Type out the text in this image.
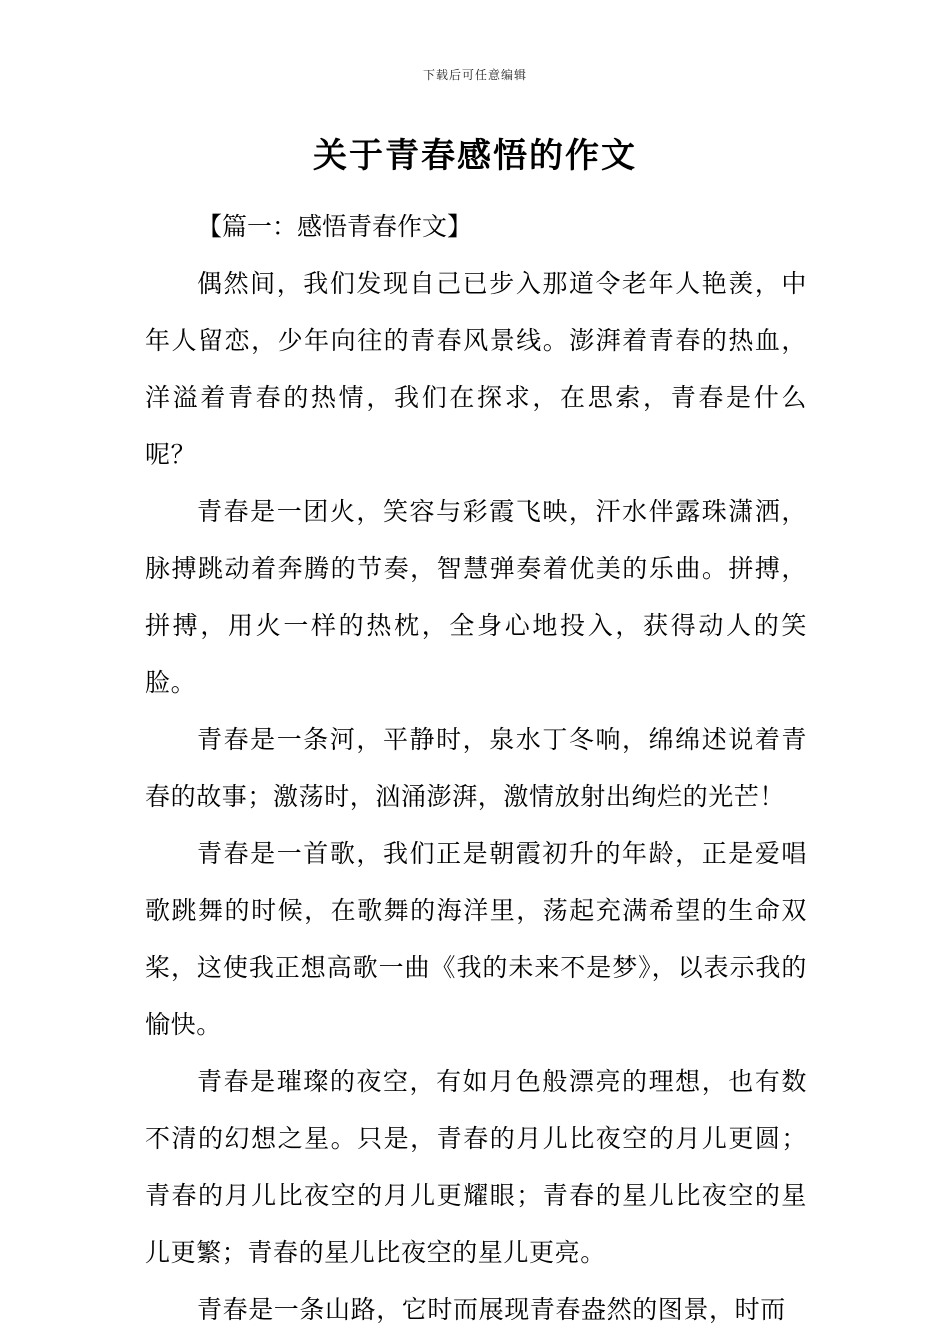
下载后可任意编辑
关于青春感悟的作文

【篇一：感悟青春作文】

偶然间，我们发现自己已步入那道令老年人艳羡，中年人留恋，少年向往的青春风景线。澎湃着青春的热血，洋溢着青春的热情，我们在探求，在思索，青春是什么呢？

青春是一团火，笑容与彩霞飞映，汗水伴露珠潇洒，脉搏跳动着奔腾的节奏，智慧弹奏着优美的乐曲。拼搏，拼搏，用火一样的热枕，全身心地投入，获得动人的笑脸。

青春是一条河，平静时，泉水丁冬响，绵绵述说着青春的故事；激荡时，汹涌澎湃，激情放射出绚烂的光芒！

青春是一首歌，我们正是朝霞初升的年龄，正是爱唱歌跳舞的时候，在歌舞的海洋里，荡起充满希望的生命双桨，这使我正想高歌一曲《我的未来不是梦》，以表示我的愉快。

青春是璀璨的夜空，有如月色般漂亮的理想，也有数不清的幻想之星。只是，青春的月儿比夜空的月儿更圆；青春的月儿比夜空的月儿更耀眼；青春的星儿比夜空的星儿更繁；青春的星儿比夜空的星儿更亮。

青春是一条山路，它时而展现青春盎然的图景，时而
